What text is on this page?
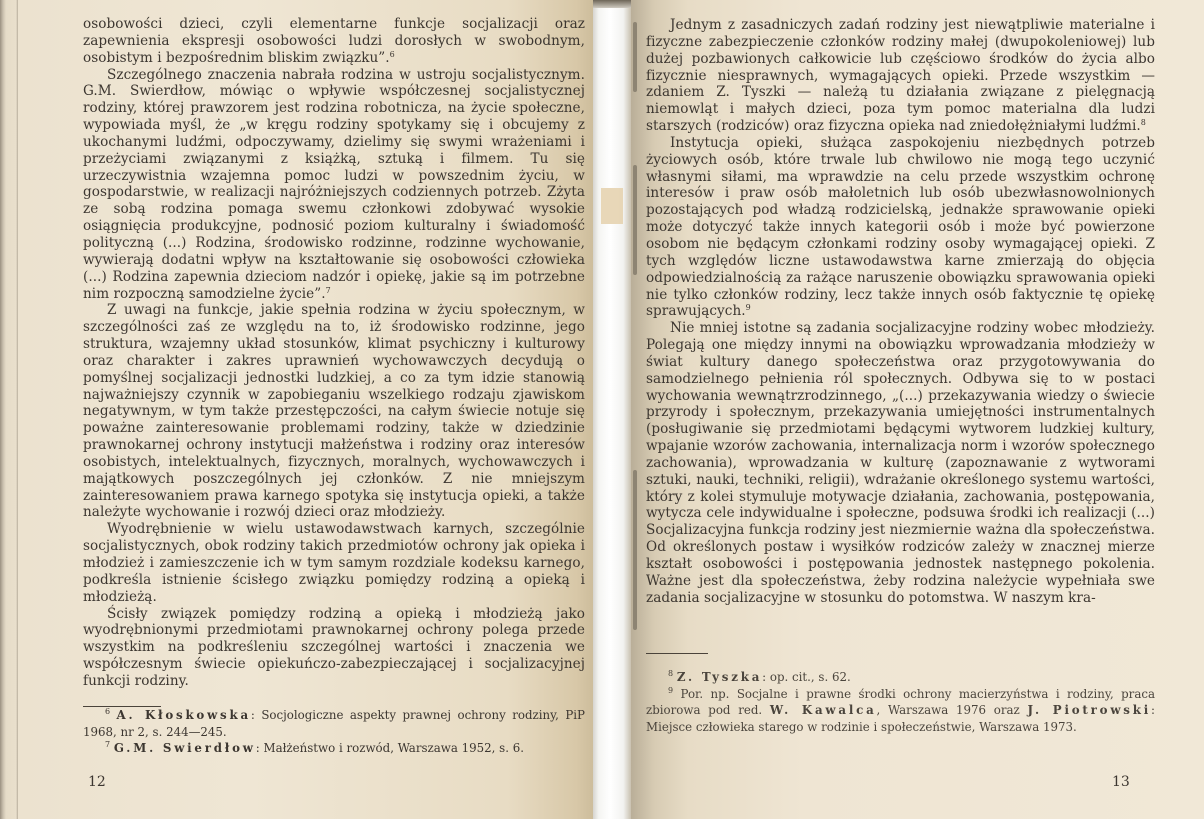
osobowości dzieci, czyli elementarne funkcje socjalizacji oraz zapewnienia ekspresji osobowości ludzi dorosłych w swobodnym, osobistym i bezpośrednim bliskim związku”.$^6$

Szczególnego znaczenia nabrała rodzina w ustroju socjalistycznym. G.M. Swierdłow, mówiąc o wpływie współczesnej socjalistycznej rodziny, której prawzorem jest rodzina robotnicza, na życie społeczne, wypowiada myśl, że „w kręgu rodziny spotykamy się i obcujemy z ukochanymi ludźmi, odpoczywamy, dzielimy się swymi wrażeniami i przeżyciami związanymi z książką, sztuką i filmem. Tu się urzeczywistnia wzajemna pomoc ludzi w powszednim życiu, w gospodarstwie, w realizacji najróżniejszych codziennych potrzeb. Zżyta ze sobą rodzina pomaga swemu członkowi zdobywać wysokie osiągnięcia produkcyjne, podnosić poziom kulturalny i świadomość polityczną (...) Rodzina, środowisko rodzinne, rodzinne wychowanie, wywierają dodatni wpływ na kształtowanie się osobowości człowieka (...) Rodzina zapewnia dzieciom nadzór i opiekę, jakie są im potrzebne nim rozpoczną samodzielne życie”.$^7$

Z uwagi na funkcje, jakie spełnia rodzina w życiu społecznym, w szczególności zaś ze względu na to, iż środowisko rodzinne, jego struktura, wzajemny układ stosunków, klimat psychiczny i kulturowy oraz charakter i zakres uprawnień wychowawczych decydują o pomyślnej socjalizacji jednostki ludzkiej, a co za tym idzie stanowią najważniejszy czynnik w zapobieganiu wszelkiego rodzaju zjawiskom negatywnym, w tym także przestępczości, na całym świecie notuje się poważne zainteresowanie problemami rodziny, także w dziedzinie prawnokarnej ochrony instytucji małżeństwa i rodziny oraz interesów osobistych, intelektualnych, fizycznych, moralnych, wychowawczych i majątkowych poszczególnych jej członków. Z nie mniejszym zainteresowaniem prawa karnego spotyka się instytucja opieki, a także należyte wychowanie i rozwój dzieci oraz młodzieży.

Wyodrębnienie w wielu ustawodawstwach karnych, szczególnie socjalistycznych, obok rodziny takich przedmiotów ochrony jak opieka i młodzież i zamieszczenie ich w tym samym rozdziale kodeksu karnego, podkreśla istnienie ścisłego związku pomiędzy rodziną a opieką i młodzieżą.

Ścisły związek pomiędzy rodziną a opieką i młodzieżą jako wyodrębnionymi przedmiotami prawnokarnej ochrony polega przede wszystkim na podkreśleniu szczególnej wartości i znaczenia we współczesnym świecie opiekuńczo-zabezpieczającej i socjalizacyjnej funkcji rodziny.

$^6$ A. Kłoskowska: Socjologiczne aspekty prawnej ochrony rodziny, PiP 1968, nr 2, s. 244—245.

$^7$ G.M. Swierdłow: Małżeństwo i rozwód, Warszawa 1952, s. 6.

12

Jednym z zasadniczych zadań rodziny jest niewątpliwie materialne i fizyczne zabezpieczenie członków rodziny małej (dwupokoleniowej) lub dużej pozbawionych całkowicie lub częściowo środków do życia albo fizycznie niesprawnych, wymagających opieki. Przede wszystkim — zdaniem Z. Tyszki — należą tu działania związane z pielęgnacją niemowląt i małych dzieci, poza tym pomoc materialna dla ludzi starszych (rodziców) oraz fizyczna opieka nad zniedołężniałymi ludźmi.$^8$

Instytucja opieki, służąca zaspokojeniu niezbędnych potrzeb życiowych osób, które trwale lub chwilowo nie mogą tego uczynić własnymi siłami, ma wprawdzie na celu przede wszystkim ochronę interesów i praw osób małoletnich lub osób ubezwłasnowolnionych pozostających pod władzą rodzicielską, jednakże sprawowanie opieki może dotyczyć także innych kategorii osób i może być powierzone osobom nie będącym członkami rodziny osoby wymagającej opieki. Z tych względów liczne ustawodawstwa karne zmierzają do objęcia odpowiedzialnością za rażące naruszenie obowiązku sprawowania opieki nie tylko członków rodziny, lecz także innych osób faktycznie tę opiekę sprawujących.$^9$

Nie mniej istotne są zadania socjalizacyjne rodziny wobec młodzieży. Polegają one między innymi na obowiązku wprowadzania młodzieży w świat kultury danego społeczeństwa oraz przygotowywania do samodzielnego pełnienia ról społecznych. Odbywa się to w postaci wychowania wewnątrzrodzinnego, „(...) przekazywania wiedzy o świecie przyrody i społecznym, przekazywania umiejętności instrumentalnych (posługiwanie się przedmiotami będącymi wytworem ludzkiej kultury, wpajanie wzorów zachowania, internalizacja norm i wzorów społecznego zachowania), wprowadzania w kulturę (zapoznawanie z wytworami sztuki, nauki, techniki, religii), wdrażanie określonego systemu wartości, który z kolei stymuluje motywacje działania, zachowania, postępowania, wytycza cele indywidualne i społeczne, podsuwa środki ich realizacji (...) Socjalizacyjna funkcja rodziny jest niezmiernie ważna dla społeczeństwa. Od określonych postaw i wysiłków rodziców zależy w znacznej mierze kształt osobowości i postępowania jednostek następnego pokolenia. Ważne jest dla społeczeństwa, żeby rodzina należycie wypełniała swe zadania socjalizacyjne w stosunku do potomstwa. W naszym kra-

$^8$ Z. Tyszka: op. cit., s. 62.

$^9$ Por. np. Socjalne i prawne środki ochrony macierzyństwa i rodziny, praca zbiorowa pod red. W. Kawalca, Warszawa 1976 oraz J. Piotrowski: Miejsce człowieka starego w rodzinie i społeczeństwie, Warszawa 1973.

13
